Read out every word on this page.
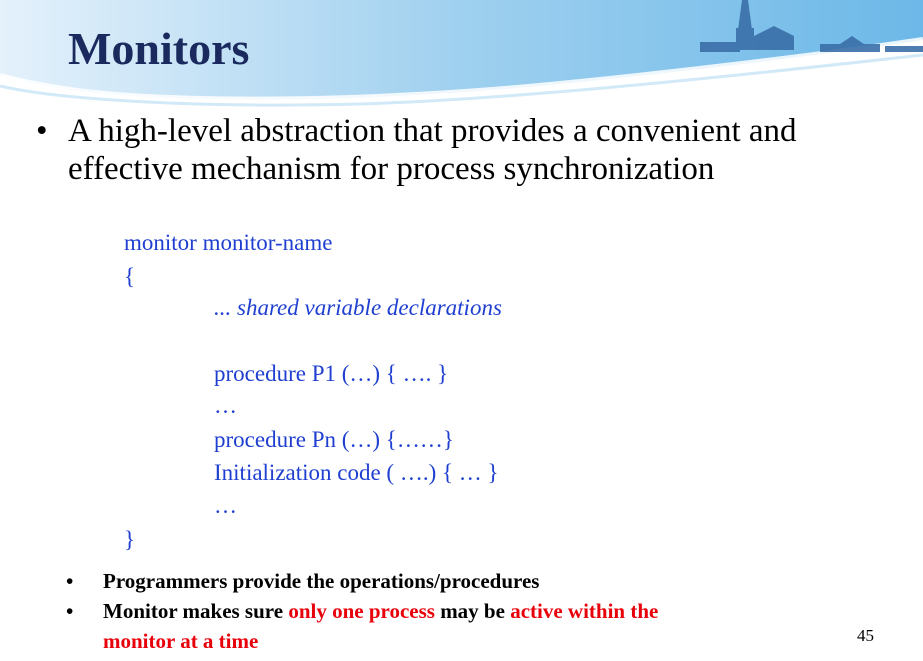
Monitors
• A high-level abstraction that provides a convenient and effective mechanism for process synchronization
monitor monitor-name
{
... shared variable declarations
procedure P1 (…) { …. }
…
procedure Pn (…) {……}
Initialization code ( ….) { … }
…
}
• Programmers provide the operations/procedures
• Monitor makes sure only one process may be active within the
monitor at a time	45
